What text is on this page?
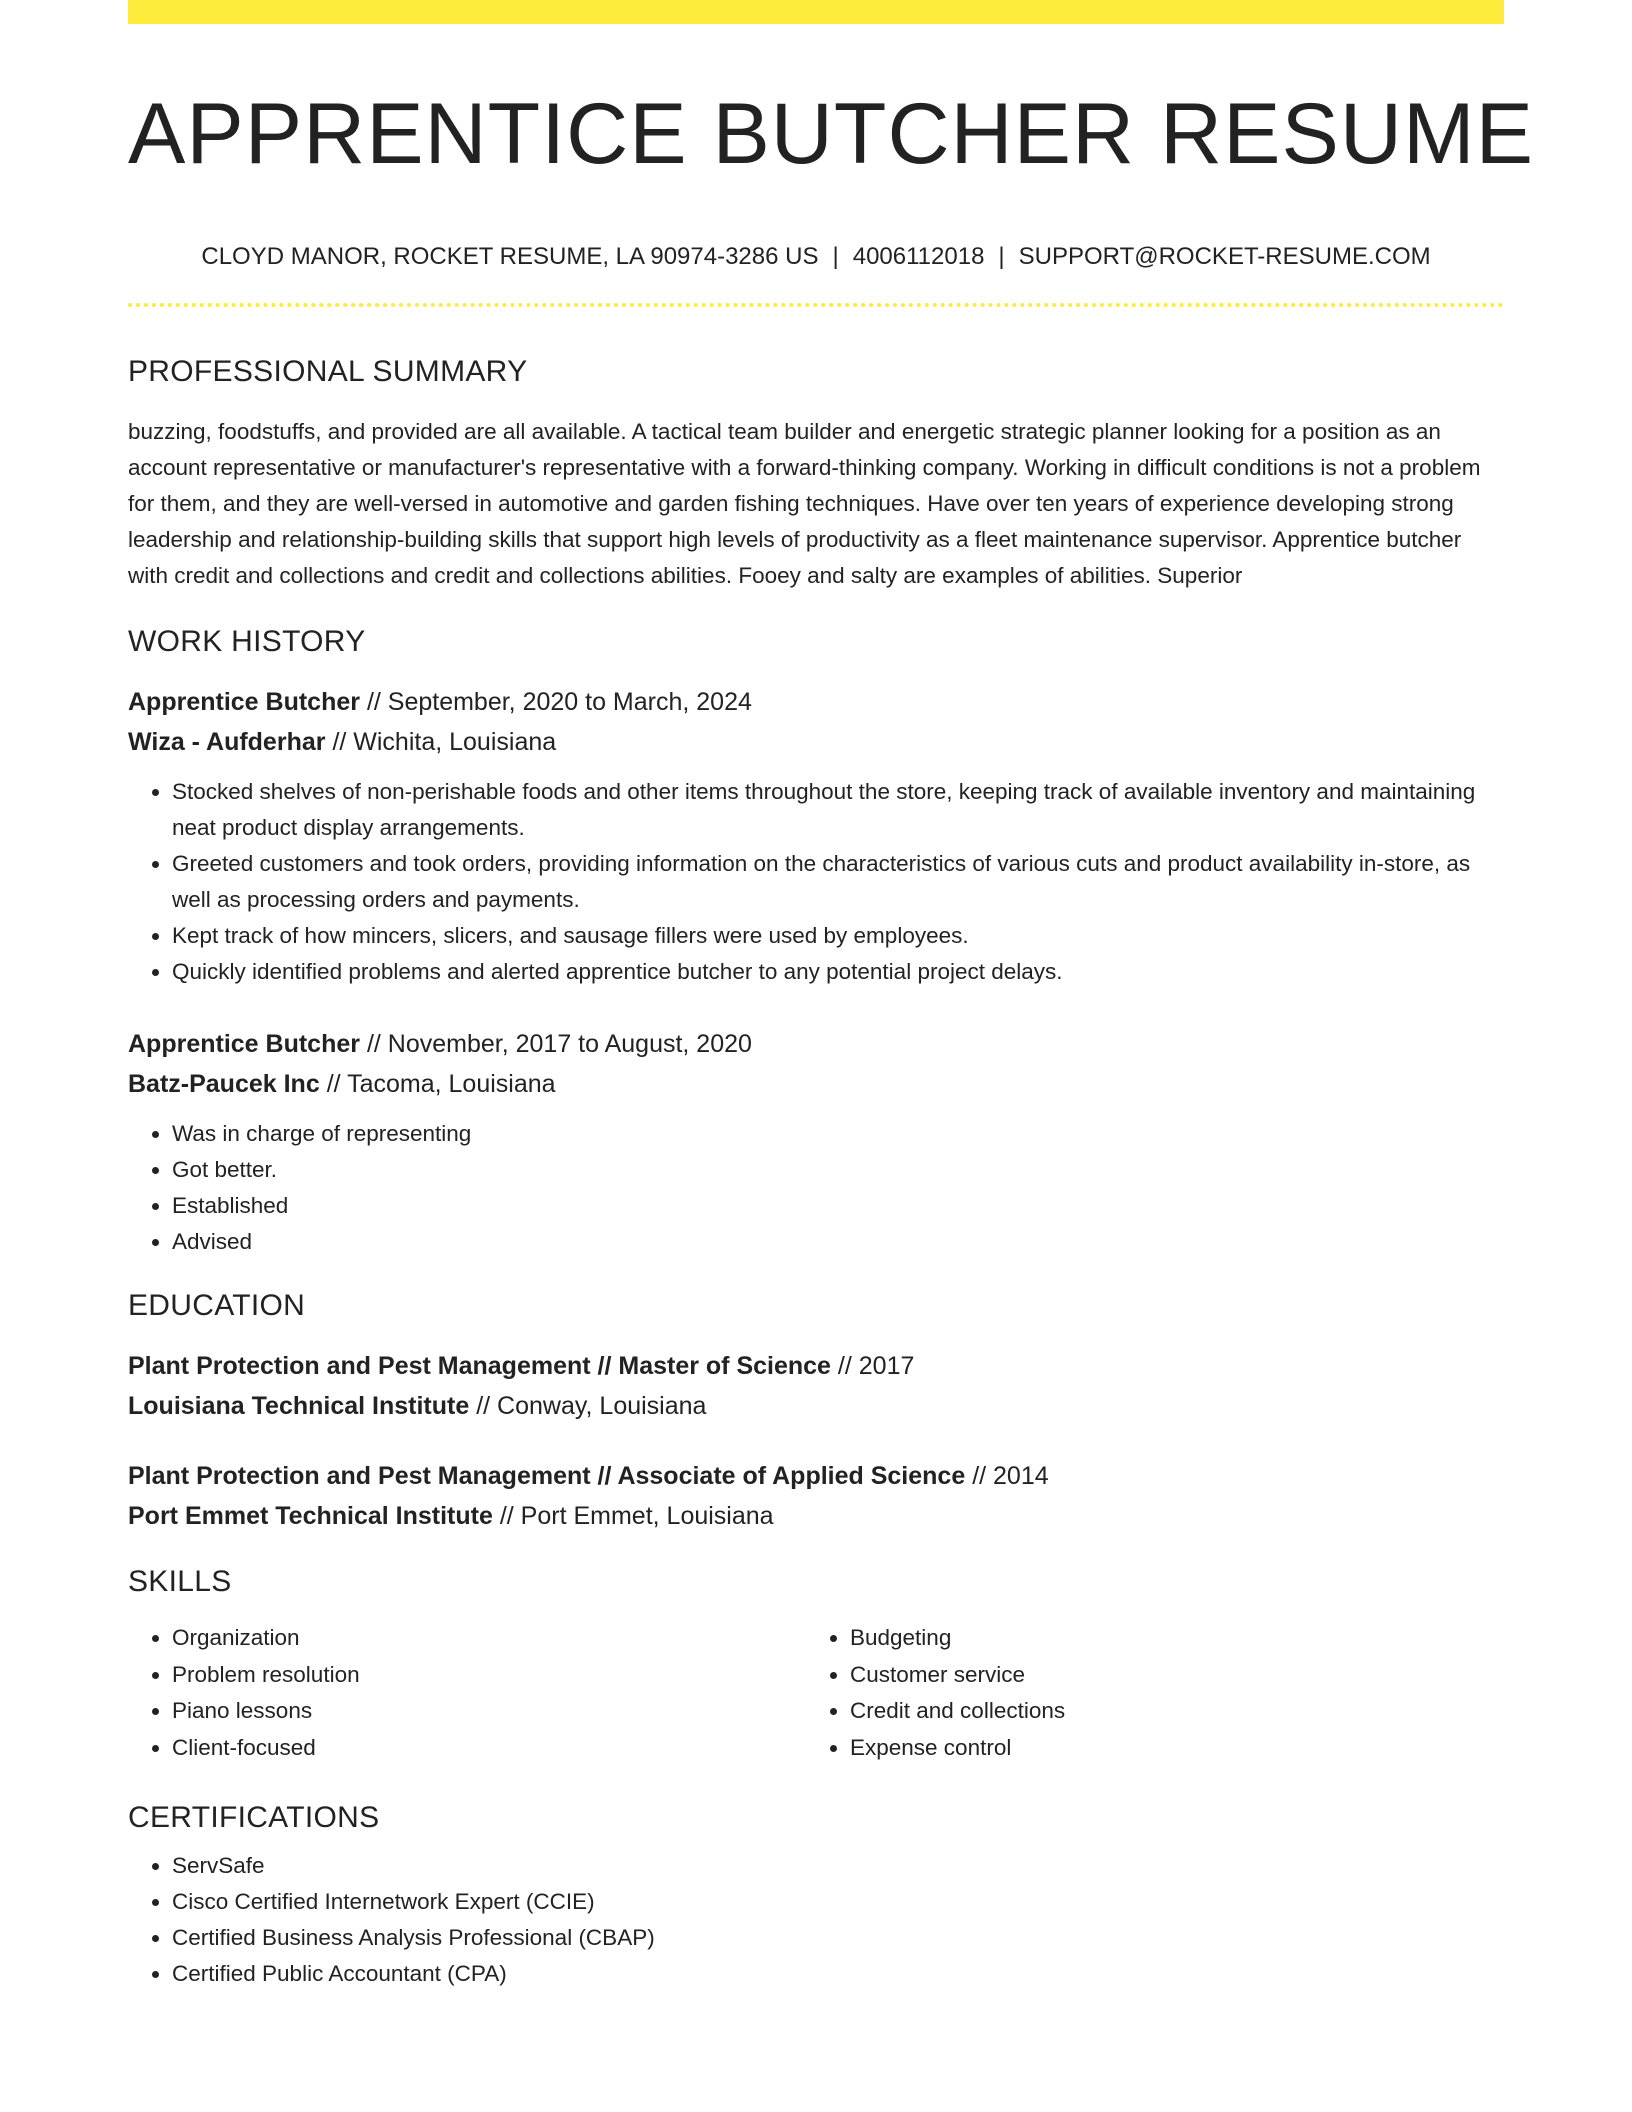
APPRENTICE BUTCHER RESUME
CLOYD MANOR, ROCKET RESUME, LA 90974-3286 US | 4006112018 | SUPPORT@ROCKET-RESUME.COM
PROFESSIONAL SUMMARY

buzzing, foodstuffs, and provided are all available. A tactical team builder and energetic strategic planner looking for a position as an account representative or manufacturer's representative with a forward-thinking company. Working in difficult conditions is not a problem for them, and they are well-versed in automotive and garden fishing techniques. Have over ten years of experience developing strong leadership and relationship-building skills that support high levels of productivity as a fleet maintenance supervisor. Apprentice butcher with credit and collections and credit and collections abilities. Fooey and salty are examples of abilities. Superior

WORK HISTORY
Apprentice Butcher // September, 2020 to March, 2024
Wiza - Aufderhar // Wichita, Louisiana
• Stocked shelves of non-perishable foods and other items throughout the store, keeping track of available inventory and maintaining neat product display arrangements.
• Greeted customers and took orders, providing information on the characteristics of various cuts and product availability in-store, as well as processing orders and payments.
• Kept track of how mincers, slicers, and sausage fillers were used by employees.
• Quickly identified problems and alerted apprentice butcher to any potential project delays.
Apprentice Butcher // November, 2017 to August, 2020
Batz-Paucek Inc // Tacoma, Louisiana
• Was in charge of representing
• Got better.
• Established
• Advised
EDUCATION
Plant Protection and Pest Management // Master of Science // 2017
Louisiana Technical Institute // Conway, Louisiana
Plant Protection and Pest Management // Associate of Applied Science // 2014
Port Emmet Technical Institute // Port Emmet, Louisiana
SKILLS
• Organization
• Problem resolution
• Piano lessons
• Client-focused
• Budgeting
• Customer service
• Credit and collections
• Expense control
CERTIFICATIONS
• ServSafe
• Cisco Certified Internetwork Expert (CCIE)
• Certified Business Analysis Professional (CBAP)
• Certified Public Accountant (CPA)
